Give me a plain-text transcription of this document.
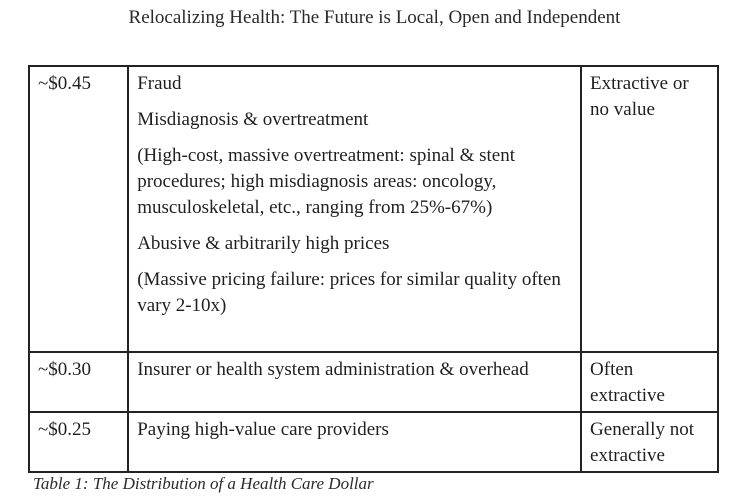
Relocalizing Health: The Future is Local, Open and Independent
~$0.45	Fraud

Misdiagnosis & overtreatment

(High-cost, massive overtreatment: spinal & stent procedures; high misdiagnosis areas: oncology, musculoskeletal, etc., ranging from 25%-67%)

Abusive & arbitrarily high prices

(Massive pricing failure: prices for similar quality often vary 2-10x)	Extractive or no value
~$0.30	Insurer or health system administration & overhead	Often extractive
~$0.25	Paying high-value care providers	Generally not extractive
Table 1: The Distribution of a Health Care Dollar
